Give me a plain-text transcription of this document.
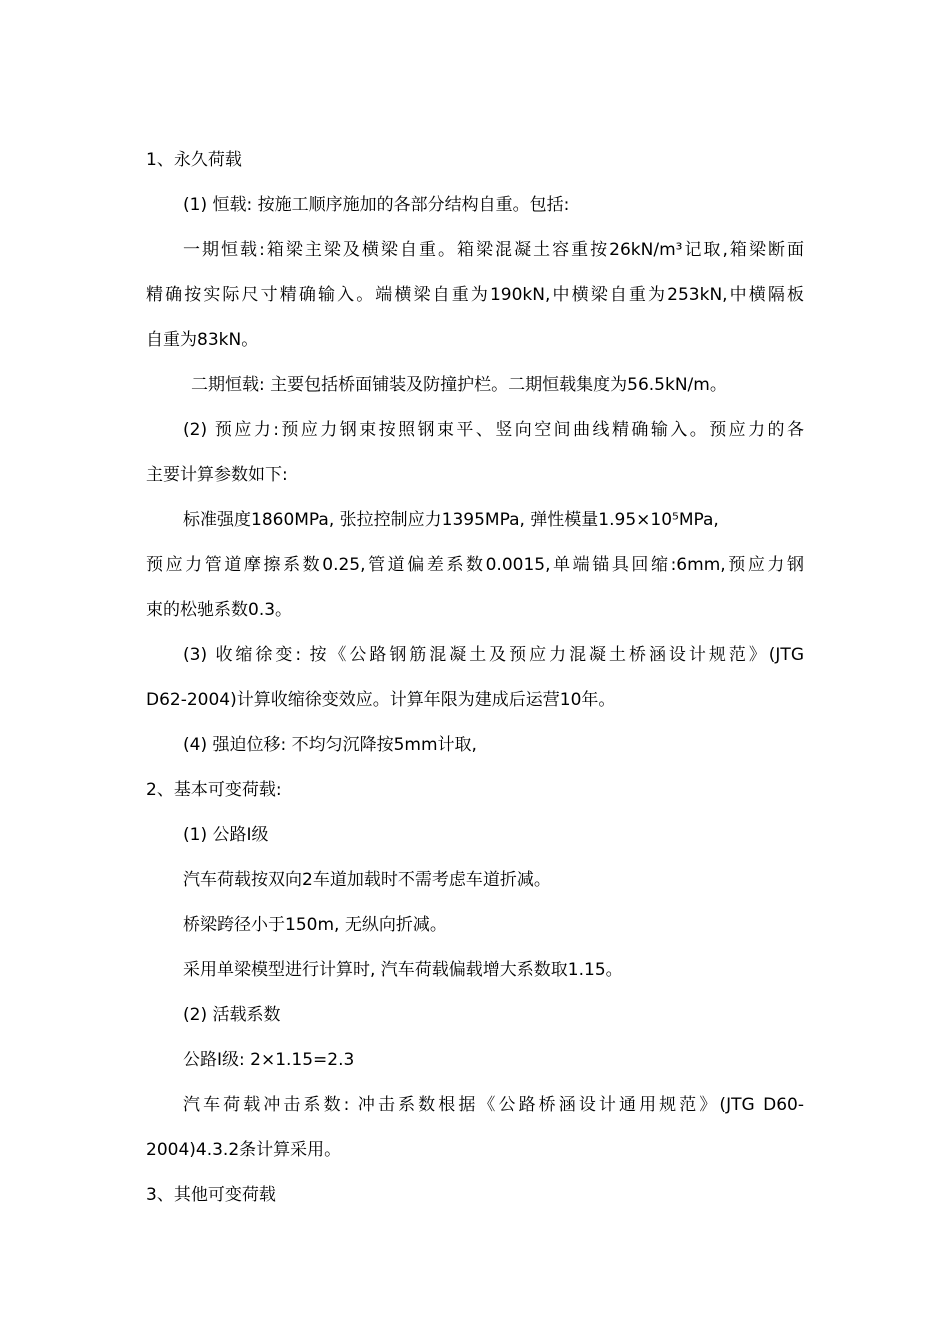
1、永久荷载
(1) 恒载: 按施工顺序施加的各部分结构自重。包括:
一期恒载:箱梁主梁及横梁自重。箱梁混凝土容重按26kN/m³记取,箱梁断面
精确按实际尺寸精确输入。端横梁自重为190kN,中横梁自重为253kN,中横隔板
自重为83kN。
二期恒载: 主要包括桥面铺装及防撞护栏。二期恒载集度为56.5kN/m。
(2) 预应力:预应力钢束按照钢束平、竖向空间曲线精确输入。预应力的各
主要计算参数如下:
标准强度1860MPa, 张拉控制应力1395MPa, 弹性模量1.95×10⁵MPa,
预应力管道摩擦系数0.25,管道偏差系数0.0015,单端锚具回缩:6mm,预应力钢
束的松驰系数0.3。
(3) 收缩徐变: 按《公路钢筋混凝土及预应力混凝土桥涵设计规范》(JTG
D62-2004)计算收缩徐变效应。计算年限为建成后运营10年。
(4) 强迫位移: 不均匀沉降按5mm计取,
2、基本可变荷载:
(1) 公路Ⅰ级
汽车荷载按双向2车道加载时不需考虑车道折减。
桥梁跨径小于150m, 无纵向折减。
采用单梁模型进行计算时, 汽车荷载偏载增大系数取1.15。
(2) 活载系数
公路Ⅰ级: 2×1.15=2.3
汽车荷载冲击系数: 冲击系数根据《公路桥涵设计通用规范》(JTG D60-
2004)4.3.2条计算采用。
3、其他可变荷载
